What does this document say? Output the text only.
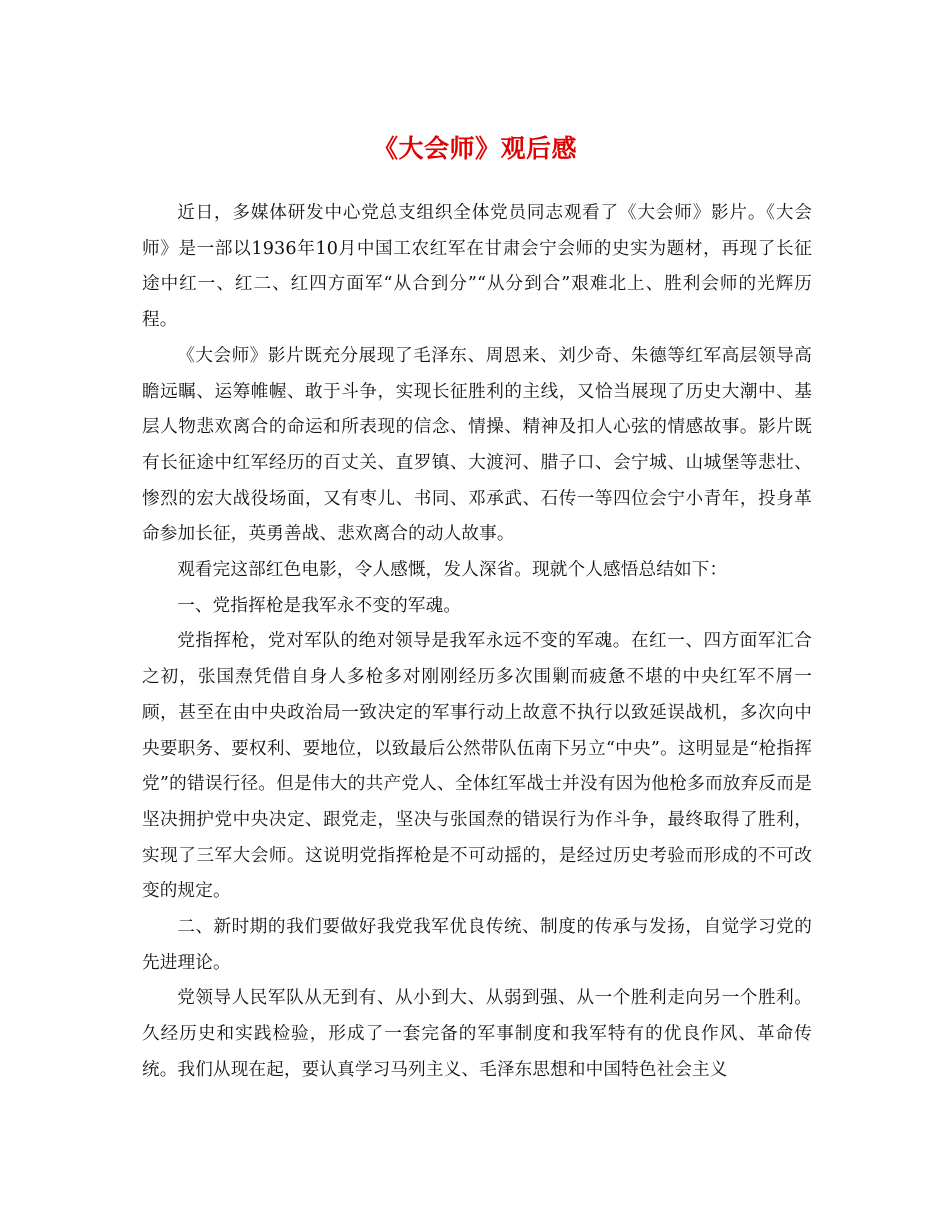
《大会师》观后感

近日，多媒体研发中心党总支组织全体党员同志观看了《大会师》影片。《大会师》是一部以1936年10月中国工农红军在甘肃会宁会师的史实为题材，再现了长征途中红一、红二、红四方面军“从合到分”“从分到合”艰难北上、胜利会师的光辉历程。

《大会师》影片既充分展现了毛泽东、周恩来、刘少奇、朱德等红军高层领导高瞻远瞩、运筹帷幄、敢于斗争，实现长征胜利的主线，又恰当展现了历史大潮中、基层人物悲欢离合的命运和所表现的信念、情操、精神及扣人心弦的情感故事。影片既有长征途中红军经历的百丈关、直罗镇、大渡河、腊子口、会宁城、山城堡等悲壮、惨烈的宏大战役场面，又有枣儿、书同、邓承武、石传一等四位会宁小青年，投身革命参加长征，英勇善战、悲欢离合的动人故事。

观看完这部红色电影，令人感慨，发人深省。现就个人感悟总结如下：

一、党指挥枪是我军永不变的军魂。

党指挥枪，党对军队的绝对领导是我军永远不变的军魂。在红一、四方面军汇合之初，张国焘凭借自身人多枪多对刚刚经历多次围剿而疲惫不堪的中央红军不屑一顾，甚至在由中央政治局一致决定的军事行动上故意不执行以致延误战机，多次向中央要职务、要权利、要地位，以致最后公然带队伍南下另立“中央”。这明显是“枪指挥党”的错误行径。但是伟大的共产党人、全体红军战士并没有因为他枪多而放弃反而是坚决拥护党中央决定、跟党走，坚决与张国焘的错误行为作斗争，最终取得了胜利，实现了三军大会师。这说明党指挥枪是不可动摇的，是经过历史考验而形成的不可改变的规定。

二、新时期的我们要做好我党我军优良传统、制度的传承与发扬，自觉学习党的先进理论。

党领导人民军队从无到有、从小到大、从弱到强、从一个胜利走向另一个胜利。久经历史和实践检验，形成了一套完备的军事制度和我军特有的优良作风、革命传统。我们从现在起，要认真学习马列主义、毛泽东思想和中国特色社会主义
